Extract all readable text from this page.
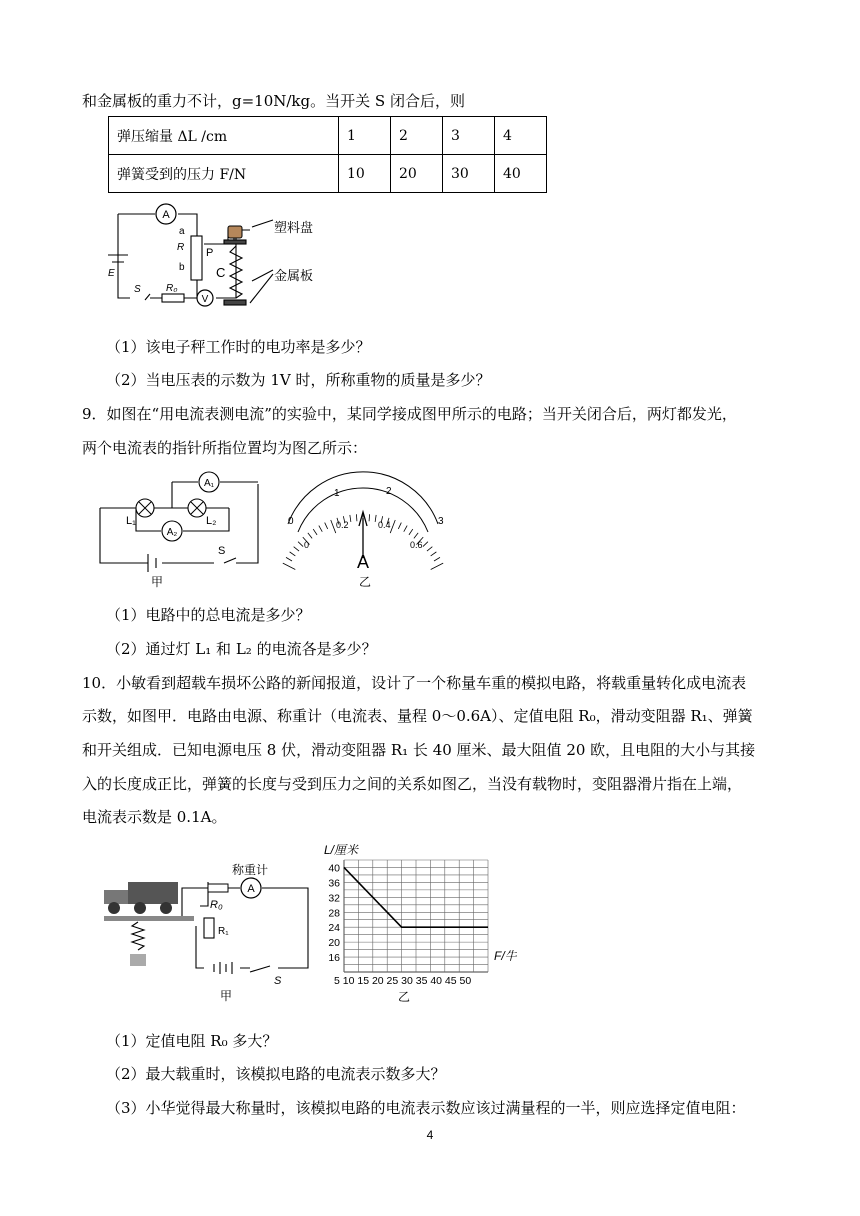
和金属板的重力不计，g=10N/kg。当开关 S 闭合后，则
弹压缩量 ΔL /cm	1	2	3	4
弹簧受到的压力 F/N	10	20	30	40
A
V
a
R
b
P
E
S	R₀
C
塑料盘
金属板
（1）该电子秤工作时的电功率是多少？
（2）当电压表的示数为 1V 时，所称重物的质量是多少？
9．如图在“用电流表测电流”的实验中，某同学接成图甲所示的电路；当开关闭合后，两灯都发光，
两个电流表的指针所指位置均为图乙所示：
A₁
A₂
L₁	L₂
S
甲
0
1	2
3
0
0.2	0.4
0.6
A
乙
（1）电路中的总电流是多少？
（2）通过灯 L₁ 和 L₂ 的电流各是多少？
10．小敏看到超载车损坏公路的新闻报道，设计了一个称量车重的模拟电路，将载重量转化成电流表
示数，如图甲．电路由电源、称重计（电流表、量程 0～0.6A）、定值电阻 R₀，滑动变阻器 R₁、弹簧
和开关组成．已知电源电压 8 伏，滑动变阻器 R₁ 长 40 厘米、最大阻值 20 欧，且电阻的大小与其接
入的长度成正比，弹簧的长度与受到压力之间的关系如图乙，当没有载物时，变阻器滑片指在上端，
电流表示数是 0.1A。
A
称重计
R₀
R₁
S
甲
16
20
24
28
32
36
40
L/厘米
F/牛
5 10 15 20 25 30 35 40 45 50
乙
（1）定值电阻 R₀ 多大？
（2）最大载重时，该模拟电路的电流表示数多大？
（3）小华觉得最大称量时，该模拟电路的电流表示数应该过满量程的一半，则应选择定值电阻：
4
